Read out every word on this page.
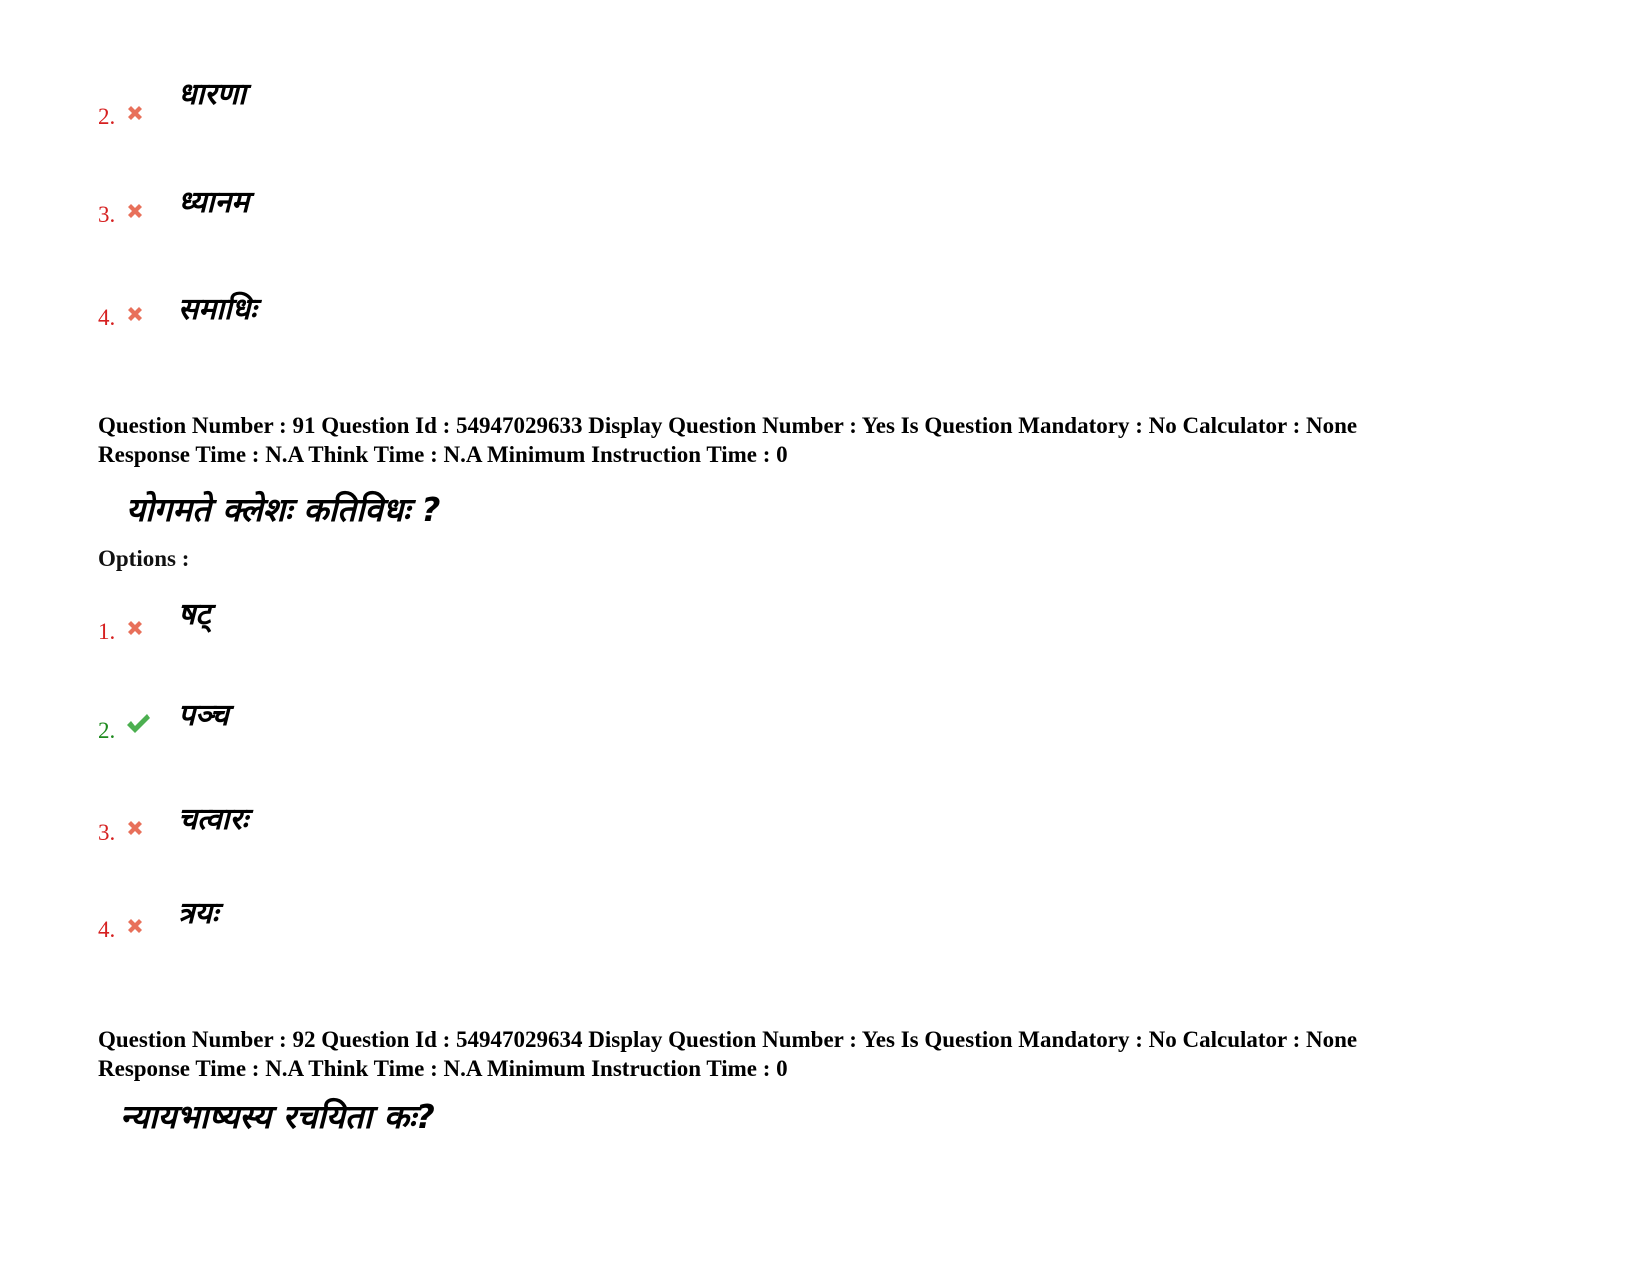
2.
धारणा
3. ध्यानम
4. समाधिः
Question Number : 91 Question Id : 54947029633 Display Question Number : Yes Is Question Mandatory : No Calculator : None
Response Time : N.A Think Time : N.A Minimum Instruction Time : 0
योगमते क्लेशः कतिविधः ?
Options :
1. षट्
2. पञ्च
3. चत्वारः
4. त्रयः
Question Number : 92 Question Id : 54947029634 Display Question Number : Yes Is Question Mandatory : No Calculator : None
Response Time : N.A Think Time : N.A Minimum Instruction Time : 0
न्यायभाष्यस्य रचयिता कः?
